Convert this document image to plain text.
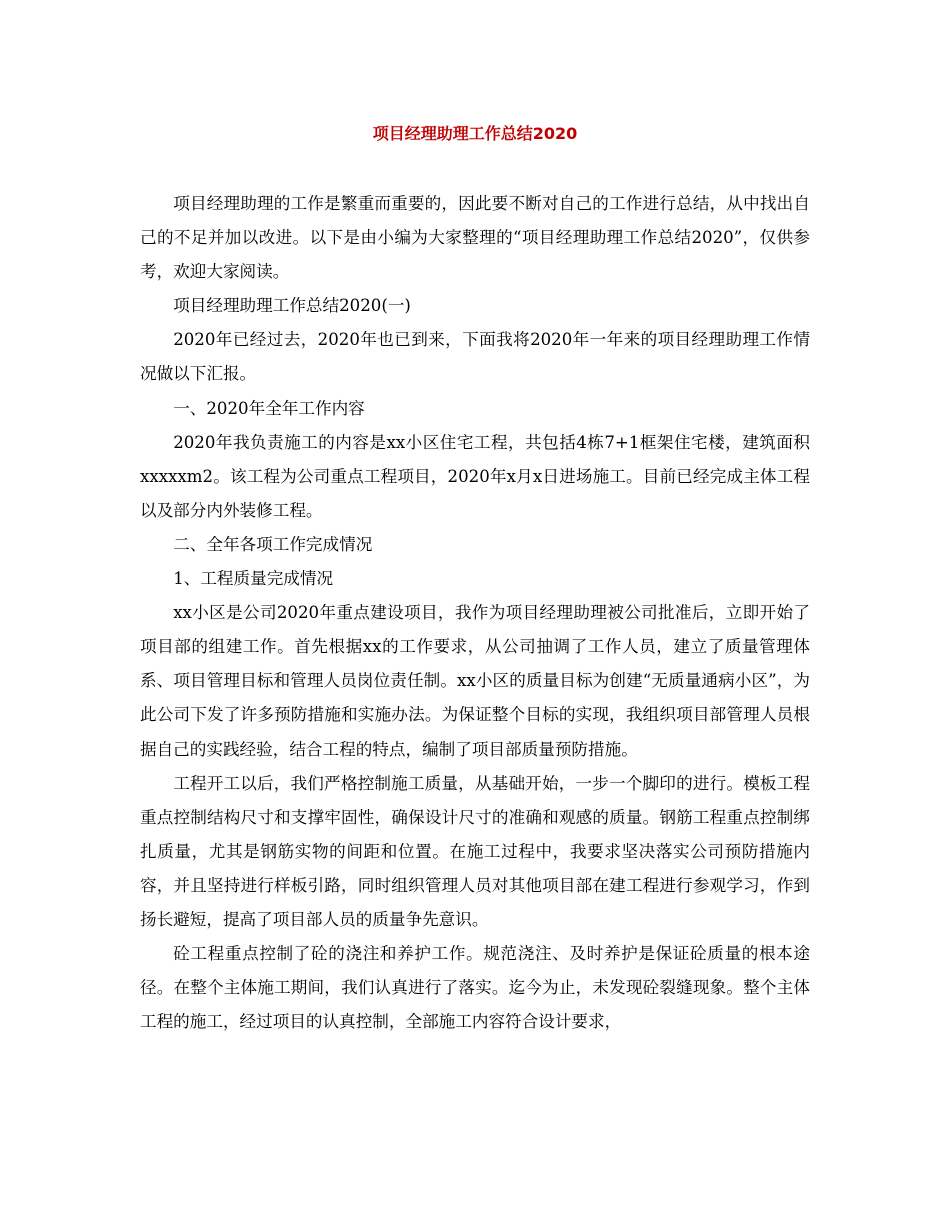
项目经理助理工作总结2020

项目经理助理的工作是繁重而重要的，因此要不断对自己的工作进行总结，从中找出自己的不足并加以改进。以下是由小编为大家整理的“项目经理助理工作总结2020”，仅供参考，欢迎大家阅读。

项目经理助理工作总结2020(一)

2020年已经过去，2020年也已到来，下面我将2020年一年来的项目经理助理工作情况做以下汇报。

一、2020年全年工作内容

2020年我负责施工的内容是xx小区住宅工程，共包括4栋7+1框架住宅楼，建筑面积xxxxxm2。该工程为公司重点工程项目，2020年x月x日进场施工。目前已经完成主体工程以及部分内外装修工程。

二、全年各项工作完成情况

1、工程质量完成情况

xx小区是公司2020年重点建设项目，我作为项目经理助理被公司批准后，立即开始了项目部的组建工作。首先根据xx的工作要求，从公司抽调了工作人员，建立了质量管理体系、项目管理目标和管理人员岗位责任制。xx小区的质量目标为创建“无质量通病小区”，为此公司下发了许多预防措施和实施办法。为保证整个目标的实现，我组织项目部管理人员根据自己的实践经验，结合工程的特点，编制了项目部质量预防措施。

工程开工以后，我们严格控制施工质量，从基础开始，一步一个脚印的进行。模板工程重点控制结构尺寸和支撑牢固性，确保设计尺寸的准确和观感的质量。钢筋工程重点控制绑扎质量，尤其是钢筋实物的间距和位置。在施工过程中，我要求坚决落实公司预防措施内容，并且坚持进行样板引路，同时组织管理人员对其他项目部在建工程进行参观学习，作到扬长避短，提高了项目部人员的质量争先意识。

砼工程重点控制了砼的浇注和养护工作。规范浇注、及时养护是保证砼质量的根本途径。在整个主体施工期间，我们认真进行了落实。迄今为止，未发现砼裂缝现象。整个主体工程的施工，经过项目的认真控制，全部施工内容符合设计要求，
